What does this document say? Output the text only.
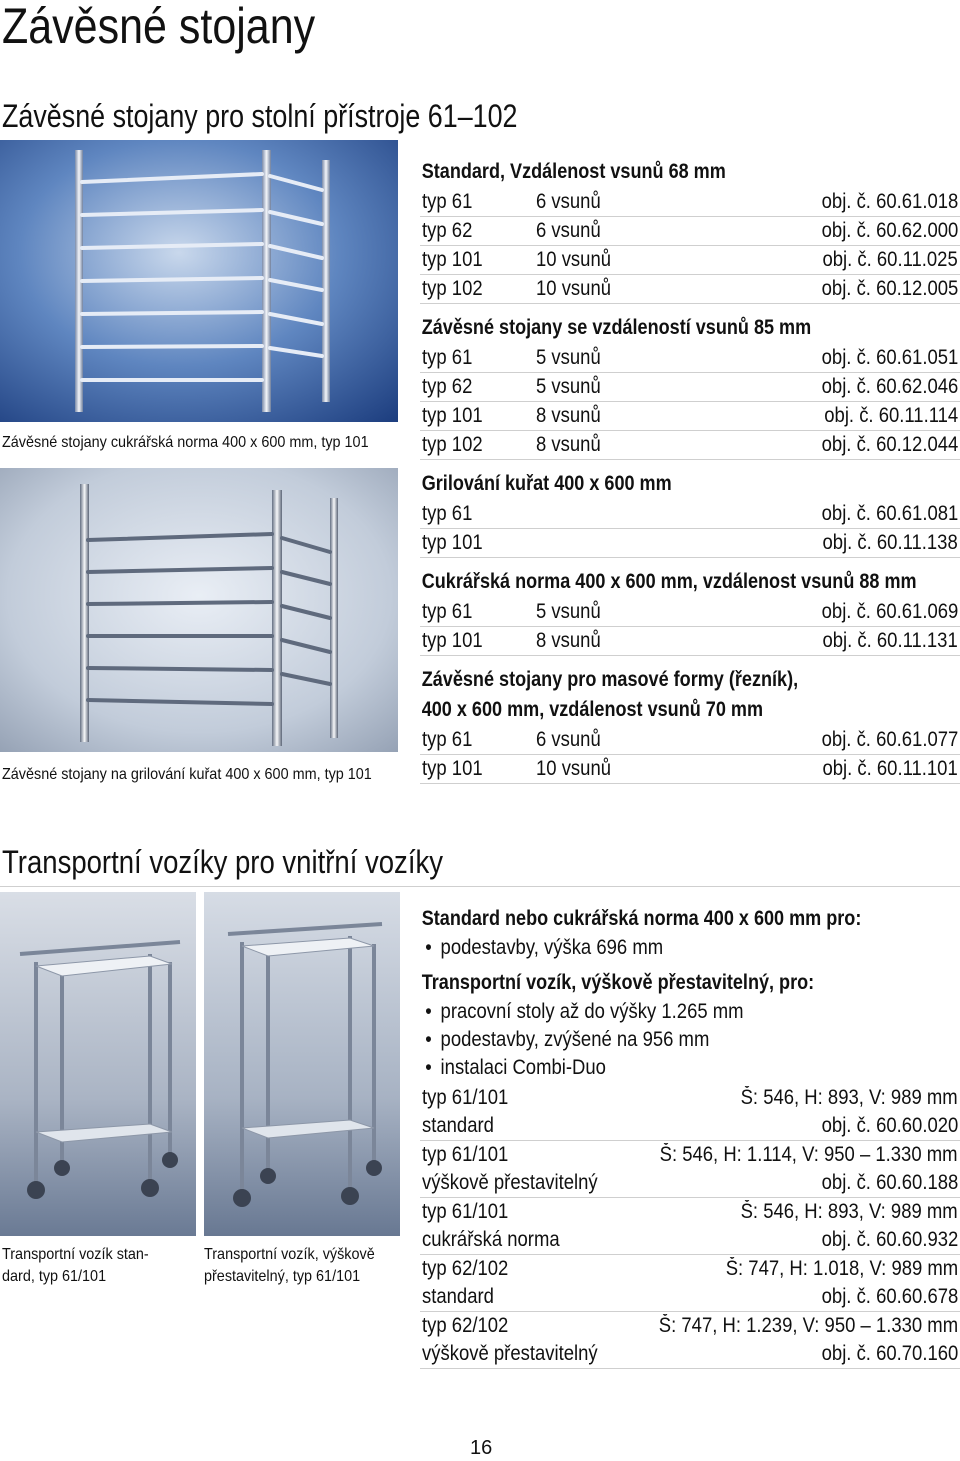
Závěsné stojany
Závěsné stojany pro stolní přístroje 61–102
Závěsné stojany cukrářská norma 400 x 600 mm, typ 101
Závěsné stojany na grilování kuřat 400 x 600 mm, typ 101
Standard, Vzdálenost vsunů 68 mm
typ 61	6 vsunů	obj. č. 60.61.018
typ 62	6 vsunů	obj. č. 60.62.000
typ 101	10 vsunů	obj. č. 60.11.025
typ 102	10 vsunů	obj. č. 60.12.005
Závěsné stojany se vzdáleností vsunů 85 mm
typ 61	5 vsunů	obj. č. 60.61.051
typ 62	5 vsunů	obj. č. 60.62.046
typ 101	8 vsunů	obj. č. 60.11.114
typ 102	8 vsunů	obj. č. 60.12.044
Grilování kuřat 400 x 600 mm
typ 61	obj. č. 60.61.081
typ 101	obj. č. 60.11.138
Cukrářská norma 400 x 600 mm, vzdálenost vsunů 88 mm
typ 61	5 vsunů	obj. č. 60.61.069
typ 101	8 vsunů	obj. č. 60.11.131
Závěsné stojany pro masové formy (řezník),
400 x 600 mm, vzdálenost vsunů 70 mm
typ 61	6 vsunů	obj. č. 60.61.077
typ 101	10 vsunů	obj. č. 60.11.101
Transportní vozíky pro vnitřní vozíky
Transportní vozík stan-
dard, typ 61/101
Transportní vozík, výškově
přestavitelný, typ 61/101
Standard nebo cukrářská norma 400 x 600 mm pro:
• podestavby, výška 696 mm
Transportní vozík, výškově přestavitelný, pro:
• pracovní stoly až do výšky 1.265 mm
• podestavby, zvýšené na 956 mm
• instalaci Combi-Duo
typ 61/101	Š: 546, H: 893, V: 989 mm
standard	obj. č. 60.60.020
typ 61/101	Š: 546, H: 1.114, V: 950 – 1.330 mm
výškově přestavitelný	obj. č. 60.60.188
typ 61/101	Š: 546, H: 893, V: 989 mm
cukrářská norma	obj. č. 60.60.932
typ 62/102	Š: 747, H: 1.018, V: 989 mm
standard	obj. č. 60.60.678
typ 62/102	Š: 747, H: 1.239, V: 950 – 1.330 mm
výškově přestavitelný	obj. č. 60.70.160
16
